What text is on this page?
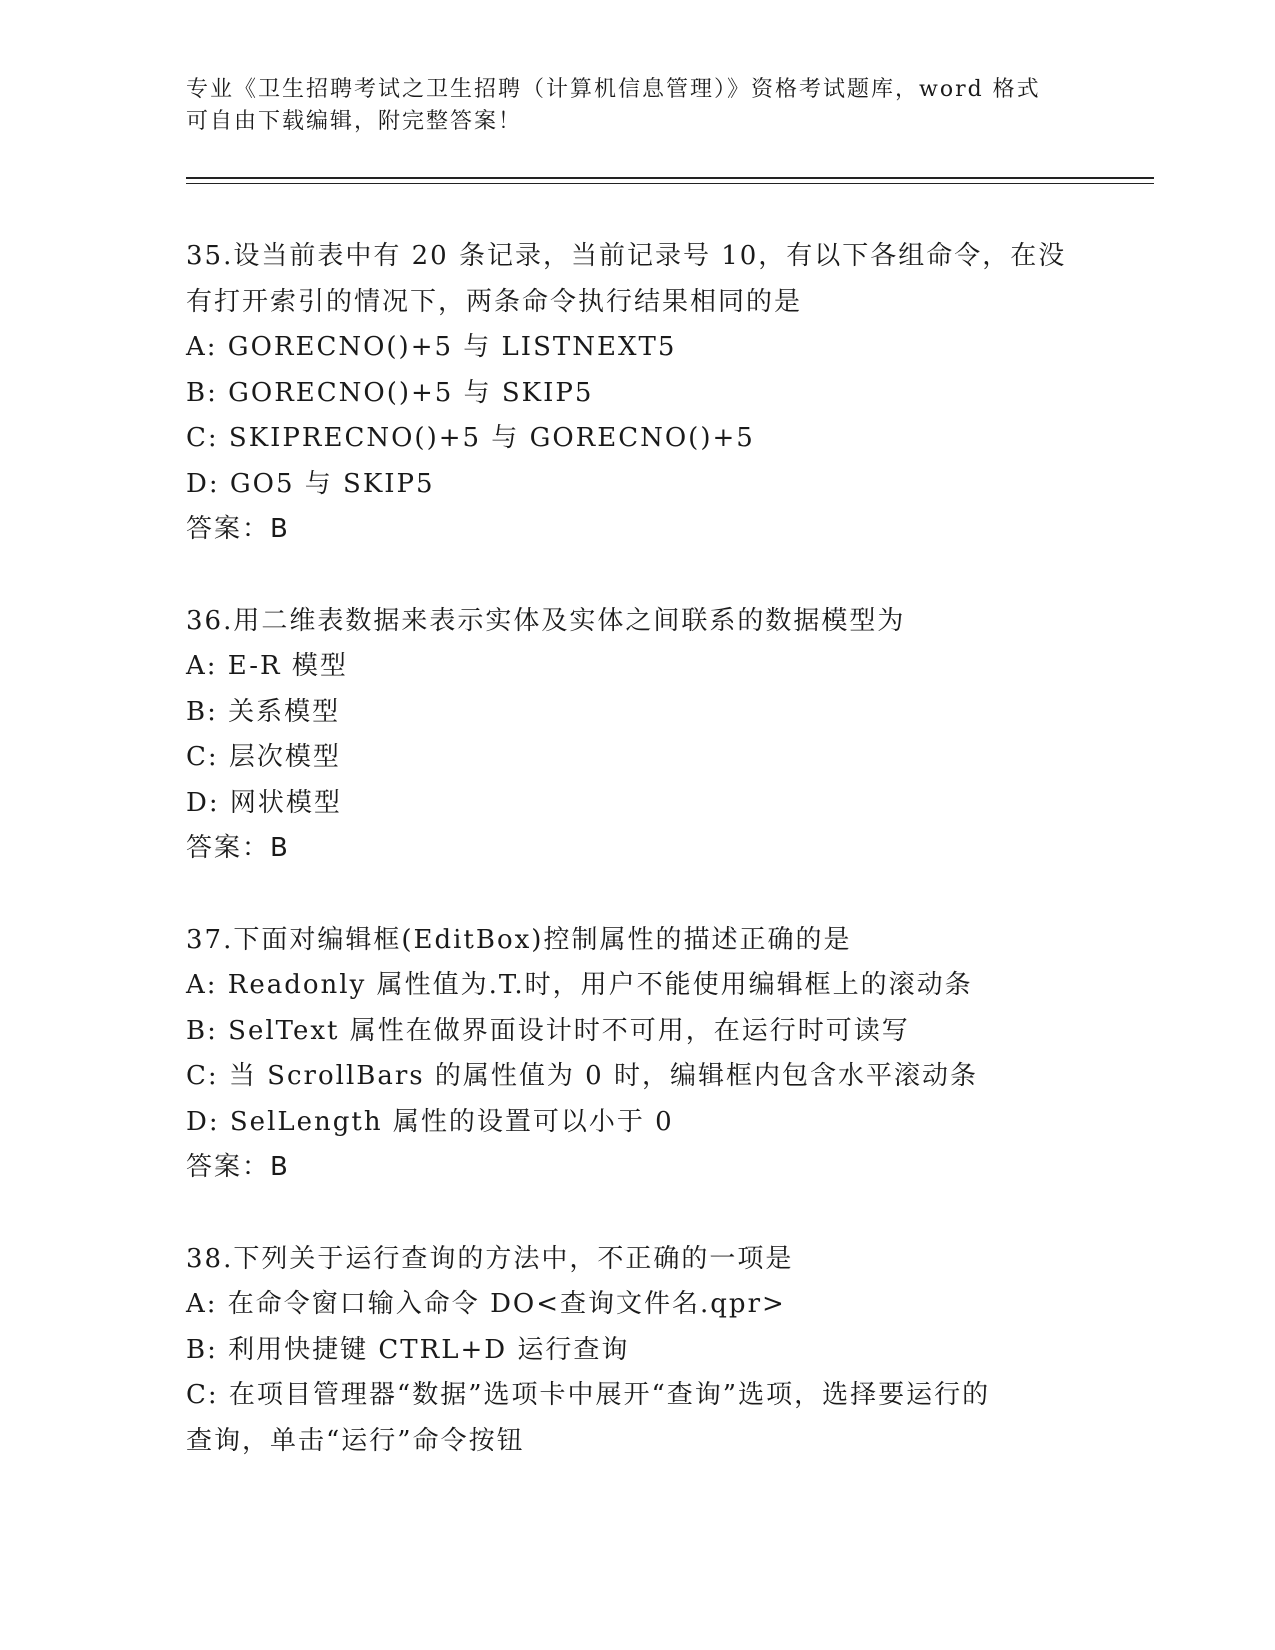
专业《卫生招聘考试之卫生招聘（计算机信息管理）》资格考试题库，word 格式

可自由下载编辑，附完整答案！

35.设当前表中有 20 条记录，当前记录号 10，有以下各组命令，在没

有打开索引的情况下，两条命令执行结果相同的是

A: GORECNO()+5 与 LISTNEXT5

B: GORECNO()+5 与 SKIP5

C: SKIPRECNO()+5 与 GORECNO()+5

D: GO5 与 SKIP5

答案：B

36.用二维表数据来表示实体及实体之间联系的数据模型为

A: E-R 模型

B: 关系模型

C: 层次模型

D: 网状模型

答案：B

37.下面对编辑框(EditBox)控制属性的描述正确的是

A: Readonly 属性值为.T.时，用户不能使用编辑框上的滚动条

B: SelText 属性在做界面设计时不可用，在运行时可读写

C: 当 ScrollBars 的属性值为 0 时，编辑框内包含水平滚动条

D: SelLength 属性的设置可以小于 0

答案：B

38.下列关于运行查询的方法中，不正确的一项是

A: 在命令窗口输入命令 DO<查询文件名.qpr>

B: 利用快捷键 CTRL+D 运行查询

C: 在项目管理器“数据”选项卡中展开“查询”选项，选择要运行的

查询，单击“运行”命令按钮
